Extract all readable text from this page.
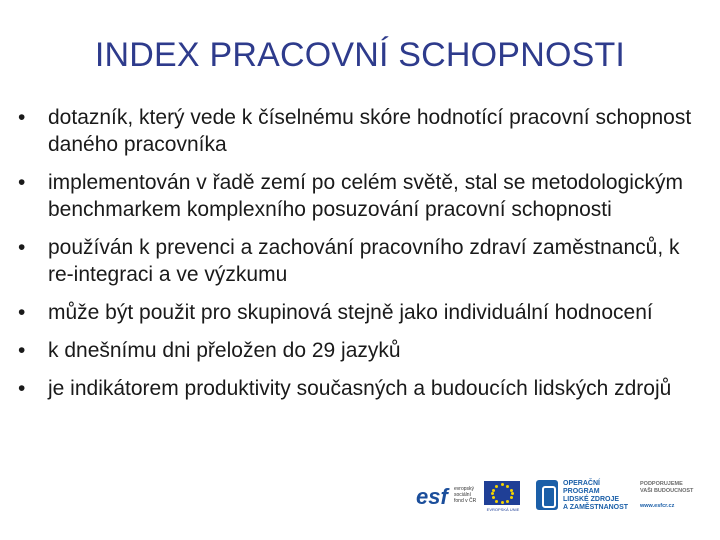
INDEX PRACOVNÍ SCHOPNOSTI
•	dotazník, který vede k číselnému skóre hodnotící pracovní schopnost daného pracovníka
•	implementován v řadě zemí po celém světě, stal se metodologickým benchmarkem komplexního posuzování pracovní schopnosti
•	používán k prevenci a zachování pracovního zdraví zaměstnanců, k re-integraci a ve výzkumu
•	může být použit pro skupinová stejně jako individuální hodnocení
•	k dnešnímu dni přeložen do 29 jazyků
•	je indikátorem produktivity současných a budoucích lidských zdrojů
esf evropský sociální fond v ČR
EVROPSKÁ UNIE
OPERAČNÍ PROGRAM
LIDSKÉ ZDROJE
A ZAMĚSTNANOST
PODPORUJEME
VAŠI BUDOUCNOST
www.esfcr.cz
